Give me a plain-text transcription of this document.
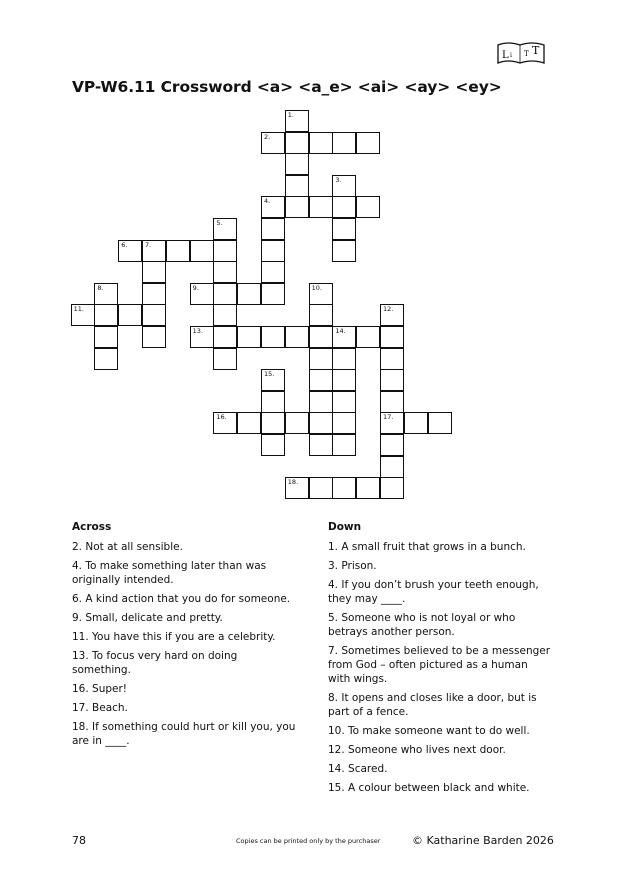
L i T T
VP-W6.11 Crossword <a> <a_e> <ai> <ay> <ey>
1.
2.
3.
4.
5.
6.	7.
8.	9.	10.
11.	12.
13.	14.
15.
16.	17.
18.
Across
2. Not at all sensible.
4. To make something later than was originally intended.
6. A kind action that you do for someone.
9. Small, delicate and pretty.
11. You have this if you are a celebrity.
13. To focus very hard on doing something.
16. Super!
17. Beach.
18. If something could hurt or kill you, you are in ____.
Down
1. A small fruit that grows in a bunch.
3. Prison.
4. If you don’t brush your teeth enough, they may ____.
5. Someone who is not loyal or who betrays another person.
7. Sometimes believed to be a messenger from God – often pictured as a human with wings.
8. It opens and closes like a door, but is part of a fence.
10. To make someone want to do well.
12. Someone who lives next door.
14. Scared.
15. A colour between black and white.
78	Copies can be printed only by the purchaser	© Katharine Barden 2026
